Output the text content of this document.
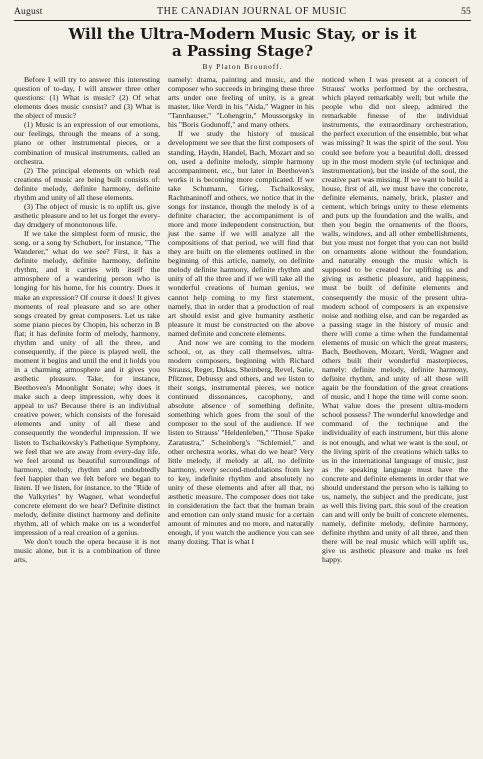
August	THE CANADIAN JOURNAL OF MUSIC	55
Will the Ultra-Modern Music Stay, or is it
a Passing Stage?
By Platon Brounoff.

Before I will try to answer this interesting question of to-day, I will answer three other questions: (1) What is music? (2) Of what elements does music consist? and (3) What is the object of music?

(1) Music is an expression of our emotions, our feelings, through the means of a song, piano or other instrumental pieces, or a combination of musical instruments, called an orchestra.

(2) The principal elements on which real creations of music are being built consists of: definite melody, definite harmony, definite rhythm and unity of all these elements.

(3) The object of music is to uplift us, give æsthetic pleasure and to let us forget the every-day drudgery of monotonous life.

If we take the simplest form of music, the song, or a song by Schubert, for instance, "The Wanderer," what do we see? First, it has a definite melody, definite harmony, definite rhythm, and it carries with itself the atmosphere of a wandering person who is longing for his home, for his country. Does it make an expression? Of course it does! It gives moments of real pleasure and so are other songs created by great composers. Let us take some piano pieces by Chopin, his scherzo in B flat; it has definite form of melody, harmony, rhythm and unity of all the three, and consequently, if the piece is played well, the moment it begins and until the end it holds you in a charming atmosphere and it gives you æsthetic pleasure. Take, for instance, Beethoven's Moonlight Sonate; why does it make such a deep impression, why does it appeal to us? Because there is an individual creative power, which consists of the foresaid elements and unity of all these and consequently the wonderful impression. If we listen to Tschaikovsky's Pathetique Symphony, we feel that we are away from every-day life, we feel around us beautiful surroundings of harmony, melody, rhythm and undoubtedly feel happier than we felt before we began to listen. If we listen, for instance, to the "Ride of the Valkyries" by Wagner, what wonderful concrete element do we hear? Definite distinct melody, definite distinct harmony and definite rhythm, all of which make on us a wonderful impression of a real creation of a genius.

We don't touch the opera because it is not music alone, but it is a combination of three arts,

namely: drama, painting and music, and the composer who succeeds in bringing these three arts under one feeling of unity, is a great master, like Verdi in his "Aida," Wagner in his "Tannhauser," "Lohengrin," Moussorgsky in his "Boris Godunoff," and many others.

If we study the history of musical development we see that the first composers of standing, Haydn, Handel, Bach, Mozart and so on, used a definite melody, simple harmony accompaniment, etc., but later in Beethoven's works it is becoming more complicated. If we take Schumann, Grieg, Tschaikovsky, Rachmaninoff and others, we notice that in the songs for instance, though the melody is of a definite character, the accompaniment is of more and more independent construction, but just the same if we will analyze all the compositions of that period, we will find that they are built on the elements outlined in the beginning of this article, namely, on definite melody definite harmony, definite rhythm and unity of all the three and if we will take all the wonderful creations of human genius, we cannot help coming to my first statement, namely, that in order that a production of real art should exist and give humanity æsthetic pleasure it must be constructed on the above named definite and concrete elements.

And now we are coming to the modern school, or, as they call themselves, ultra-modern composers, beginning with Richard Strauss, Reger, Dukas, Sheinberg, Revel, Satie, Pfitzner, Debussy and others, and we listen to their songs, instrumental pieces, we notice continued dissonances, cacophony, and absolute absence of something definite, something which goes from the soul of the composer to the soul of the audience. If we listen to Strauss' "Heldenleben," "Those Spake Zaratustra," Scheinberg's "Schlemiel," and other orchestra works, what do we hear? Very little melody, if melody at all, no definite harmony, every second-modulations from key to key, indefinite rhythm and absolutely no unity of these elements and after all that, no æsthetic measure. The composer does not take in consideration the fact that the human brain and emotion can only stand music for a certain amount of minutes and no more, and naturally enough, if you watch the audience you can see many dozing. That is what I

noticed when I was present at a concert of Strauss' works performed by the orchestra, which played remarkably well; but while the people who did not sleep, admired the remarkable finesse of the individual instruments, the extraordinary orchestration, the perfect execution of the ensemble, but what was missing? It was the spirit of the soul. You could see before you a beautiful doll, dressed up in the most modern style (of technique and instrumentation), but the inside of the soul, the creative part was missing. If we want to build a house, first of all, we must have the concrete, definite elements, namely, brick, plaster and cement, which brings unity to these elements and puts up the foundation and the walls, and then you begin the ornaments of the floors, walls, windows, and all other embellishments, but you must not forget that you can not build on ornaments alone without the foundation, and naturally enough the music which is supposed to be created for uplifting us and giving us æsthetic pleasure, and happiness, must be built of definite elements and consequently the music of the present ultra-modern school of composers is an expensive noise and nothing else, and can be regarded as a passing stage in the history of music and there will come a time when the fundamental elements of music on which the great masters, Bach, Beethoven, Mozart, Verdi, Wagner and others built their wonderful masterpieces, namely: definite melody, definite harmony, definite rhythm, and unity of all these will again be the foundation of the great creations of music, and I hope the time will come soon. What value does the present ultra-modern school possess? The wonderful knowledge and command of the technique and the individuality of each instrument, but this alone is not enough, and what we want is the soul, or the living spirit of the creations which talks to us in the international language of music, just as the speaking language must have the concrete and definite elements in order that we should understand the person who is talking to us, namely, the subject and the predicate, just as well this living part, this soul of the creation can and will only be built of concrete elements, namely, definite melody, definite harmony, definite rhythm and unity of all three, and then there will be real music which will uplift us, give us æsthetic pleasure and make us feel happy.
